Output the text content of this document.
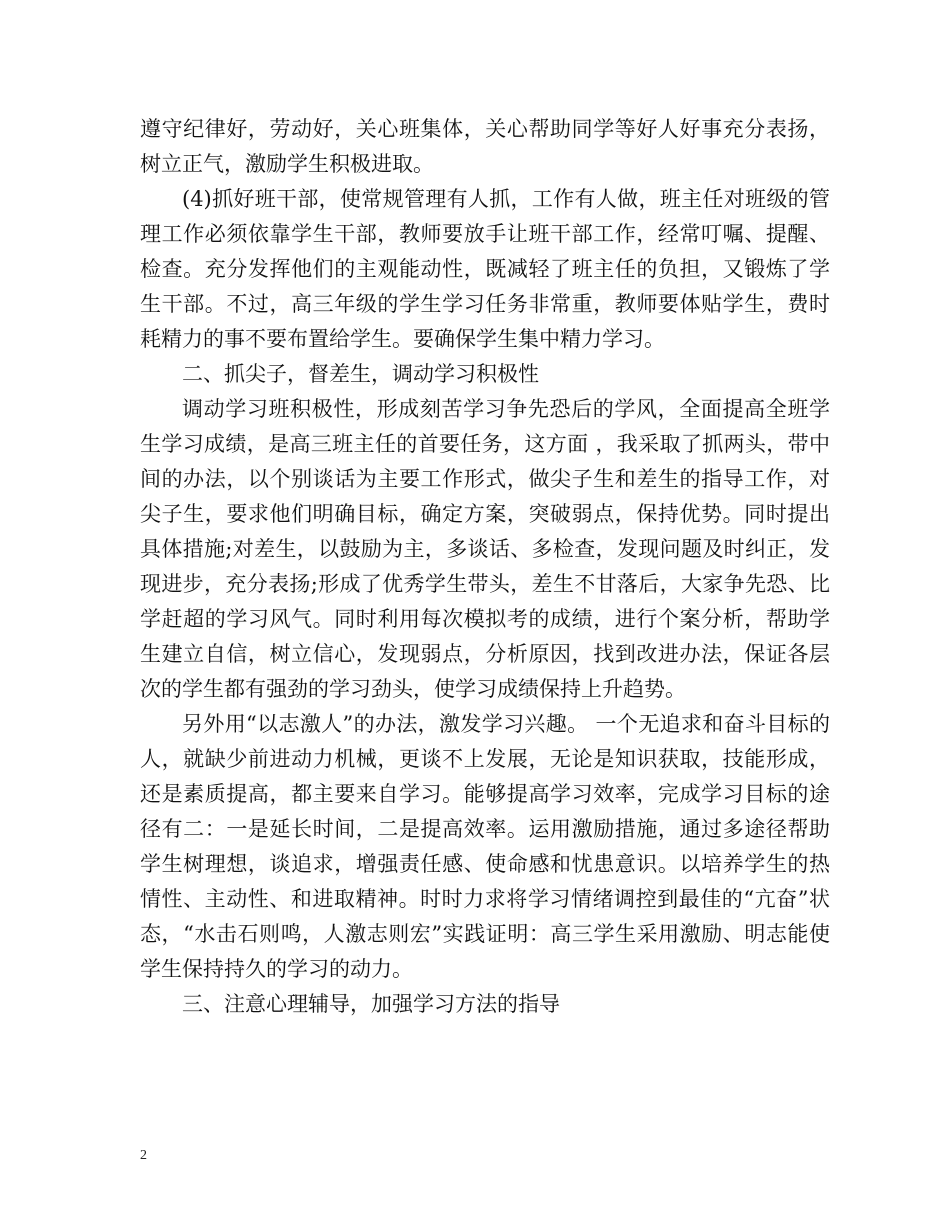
遵守纪律好，劳动好，关心班集体，关心帮助同学等好人好事充分表扬，树立正气，激励学生积极进取。

(4)抓好班干部，使常规管理有人抓，工作有人做，班主任对班级的管理工作必须依靠学生干部，教师要放手让班干部工作，经常叮嘱、提醒、检查。充分发挥他们的主观能动性，既减轻了班主任的负担，又锻炼了学生干部。不过，高三年级的学生学习任务非常重，教师要体贴学生，费时耗精力的事不要布置给学生。要确保学生集中精力学习。

二、抓尖子，督差生，调动学习积极性

调动学习班积极性，形成刻苦学习争先恐后的学风，全面提高全班学生学习成绩，是高三班主任的首要任务，这方面 ，我采取了抓两头，带中间的办法，以个别谈话为主要工作形式，做尖子生和差生的指导工作，对尖子生，要求他们明确目标，确定方案，突破弱点，保持优势。同时提出具体措施;对差生，以鼓励为主，多谈话、多检查，发现问题及时纠正，发现进步，充分表扬;形成了优秀学生带头，差生不甘落后，大家争先恐、比学赶超的学习风气。同时利用每次模拟考的成绩，进行个案分析，帮助学生建立自信，树立信心，发现弱点，分析原因，找到改进办法，保证各层次的学生都有强劲的学习劲头，使学习成绩保持上升趋势。

另外用“以志激人”的办法，激发学习兴趣。 一个无追求和奋斗目标的人，就缺少前进动力机械，更谈不上发展，无论是知识获取，技能形成，还是素质提高，都主要来自学习。能够提高学习效率，完成学习目标的途径有二：一是延长时间，二是提高效率。运用激励措施，通过多途径帮助学生树理想，谈追求，增强责任感、使命感和忧患意识。以培养学生的热情性、主动性、和进取精神。时时力求将学习情绪调控到最佳的“亢奋”状态，“水击石则鸣，人激志则宏”实践证明：高三学生采用激励、明志能使学生保持持久的学习的动力。

三、注意心理辅导，加强学习方法的指导

2
